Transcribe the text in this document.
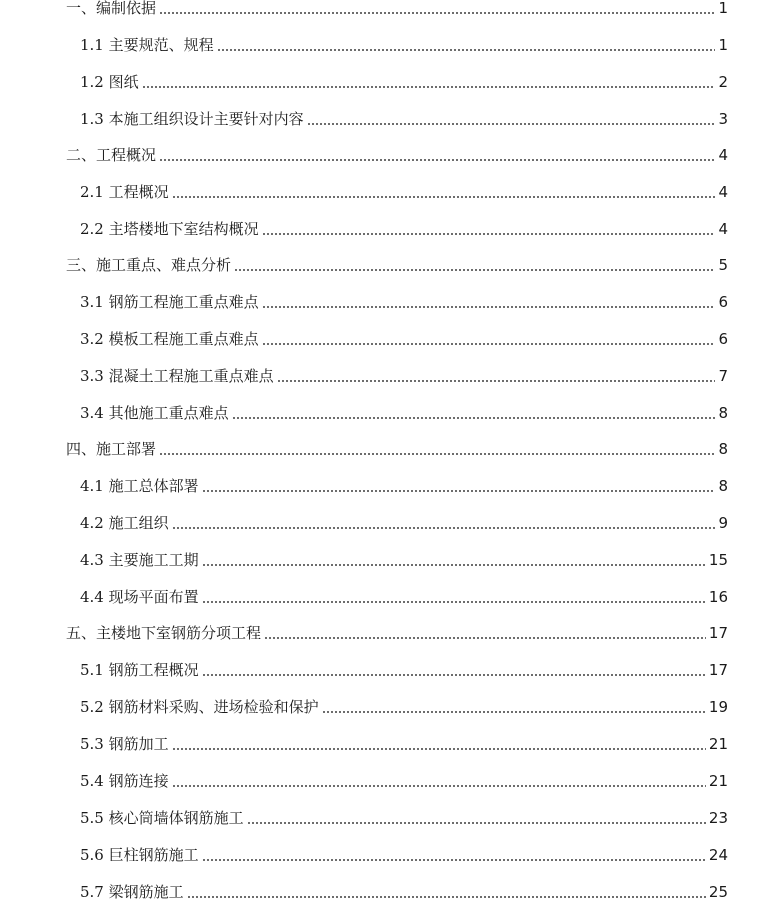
一、编制依据	1
1.1 主要规范、规程	1
1.2 图纸	2
1.3 本施工组织设计主要针对内容	3
二、工程概况	4
2.1 工程概况	4
2.2 主塔楼地下室结构概况	4
三、施工重点、难点分析	5
3.1 钢筋工程施工重点难点	6
3.2 模板工程施工重点难点	6
3.3 混凝土工程施工重点难点	7
3.4 其他施工重点难点	8
四、施工部署	8
4.1 施工总体部署	8
4.2 施工组织	9
4.3 主要施工工期	15
4.4 现场平面布置	16
五、主楼地下室钢筋分项工程	17
5.1 钢筋工程概况	17
5.2 钢筋材料采购、进场检验和保护	19
5.3 钢筋加工	21
5.4 钢筋连接	21
5.5 核心筒墙体钢筋施工	23
5.6 巨柱钢筋施工	24
5.7 梁钢筋施工	25
